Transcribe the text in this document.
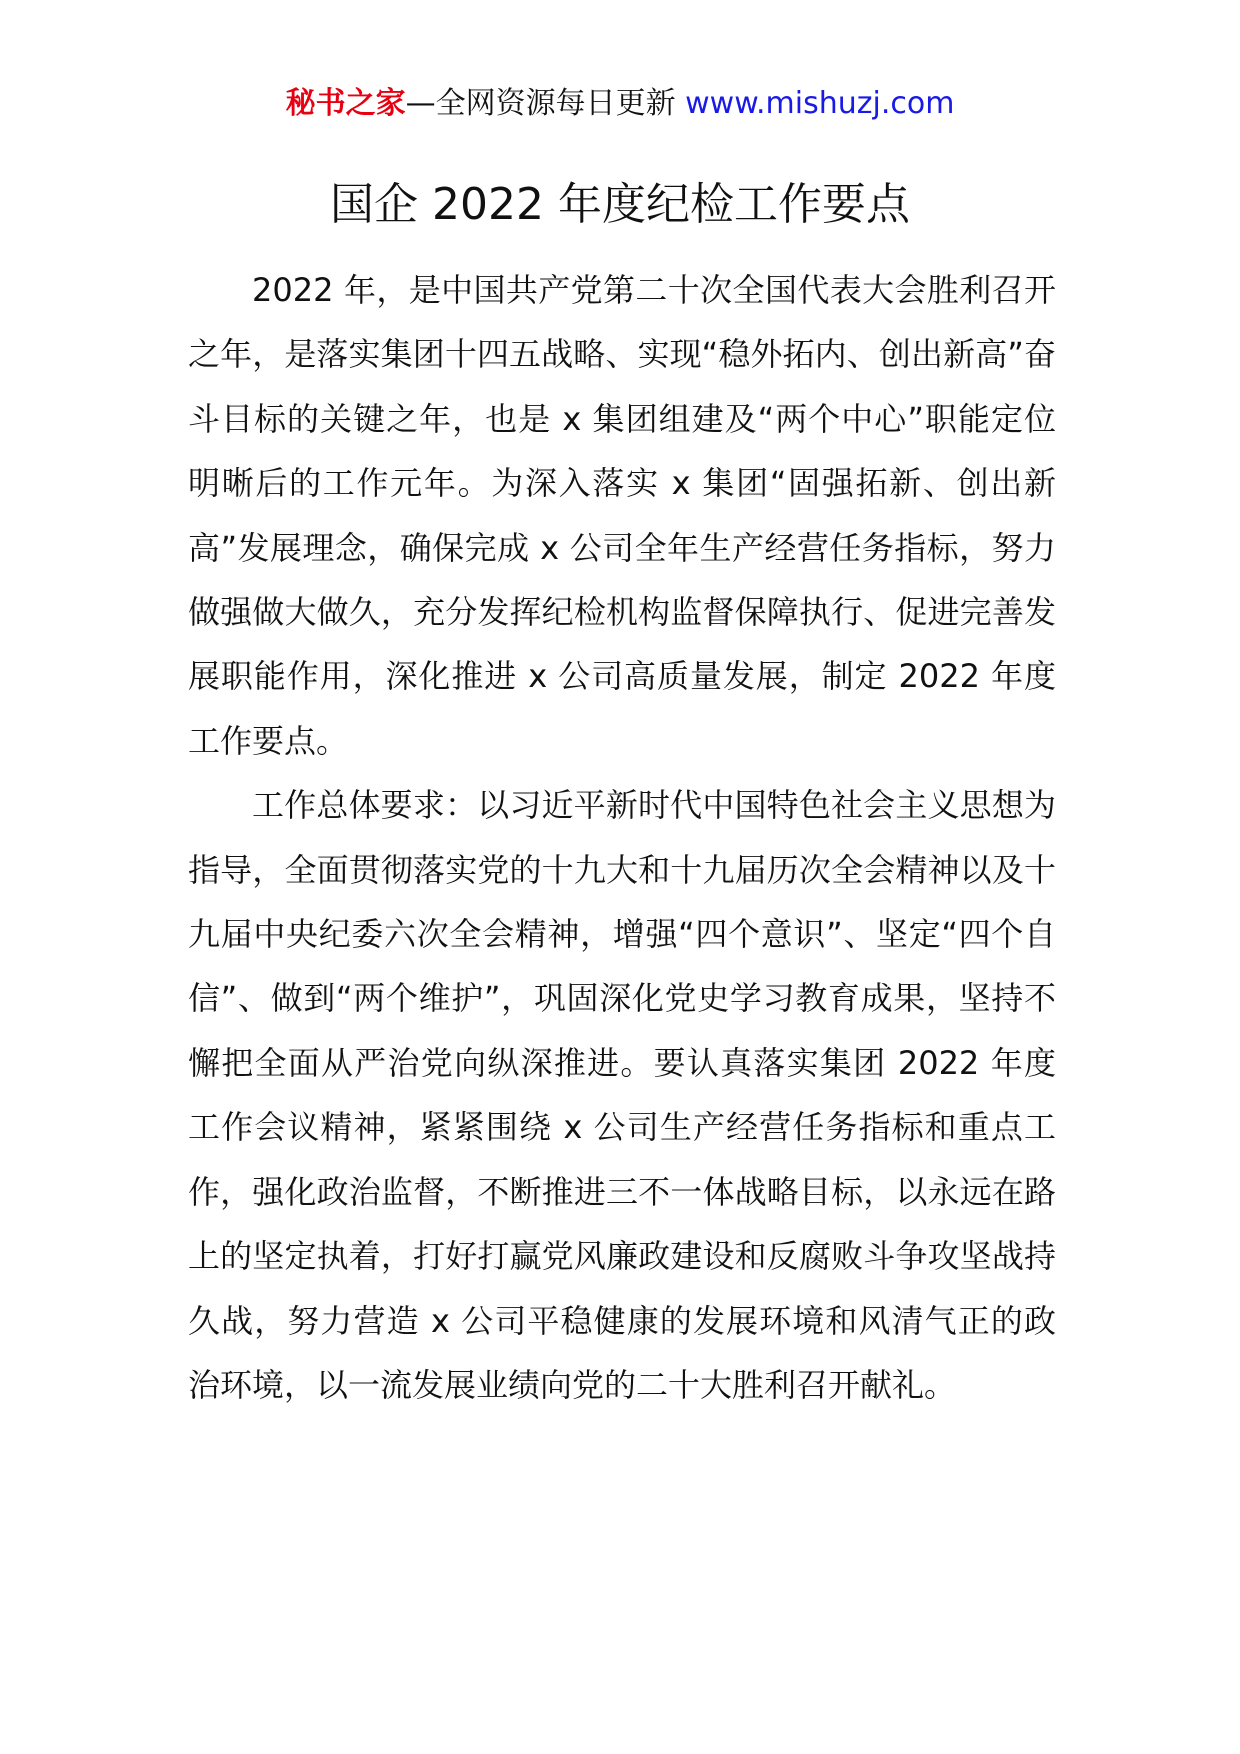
秘书之家—全网资源每日更新 www.mishuzj.com
国企 2022 年度纪检工作要点

2022 年，是中国共产党第二十次全国代表大会胜利召开之年，是落实集团十四五战略、实现“稳外拓内、创出新高”奋斗目标的关键之年，也是 x 集团组建及“两个中心”职能定位明晰后的工作元年。为深入落实 x 集团“固强拓新、创出新高”发展理念，确保完成 x 公司全年生产经营任务指标，努力做强做大做久，充分发挥纪检机构监督保障执行、促进完善发展职能作用，深化推进 x 公司高质量发展，制定 2022 年度工作要点。

工作总体要求：以习近平新时代中国特色社会主义思想为指导，全面贯彻落实党的十九大和十九届历次全会精神以及十九届中央纪委六次全会精神，增强“四个意识”、坚定“四个自信”、做到“两个维护”，巩固深化党史学习教育成果，坚持不懈把全面从严治党向纵深推进。要认真落实集团 2022 年度工作会议精神，紧紧围绕 x 公司生产经营任务指标和重点工作，强化政治监督，不断推进三不一体战略目标，以永远在路上的坚定执着，打好打赢党风廉政建设和反腐败斗争攻坚战持久战，努力营造 x 公司平稳健康的发展环境和风清气正的政治环境，以一流发展业绩向党的二十大胜利召开献礼。
